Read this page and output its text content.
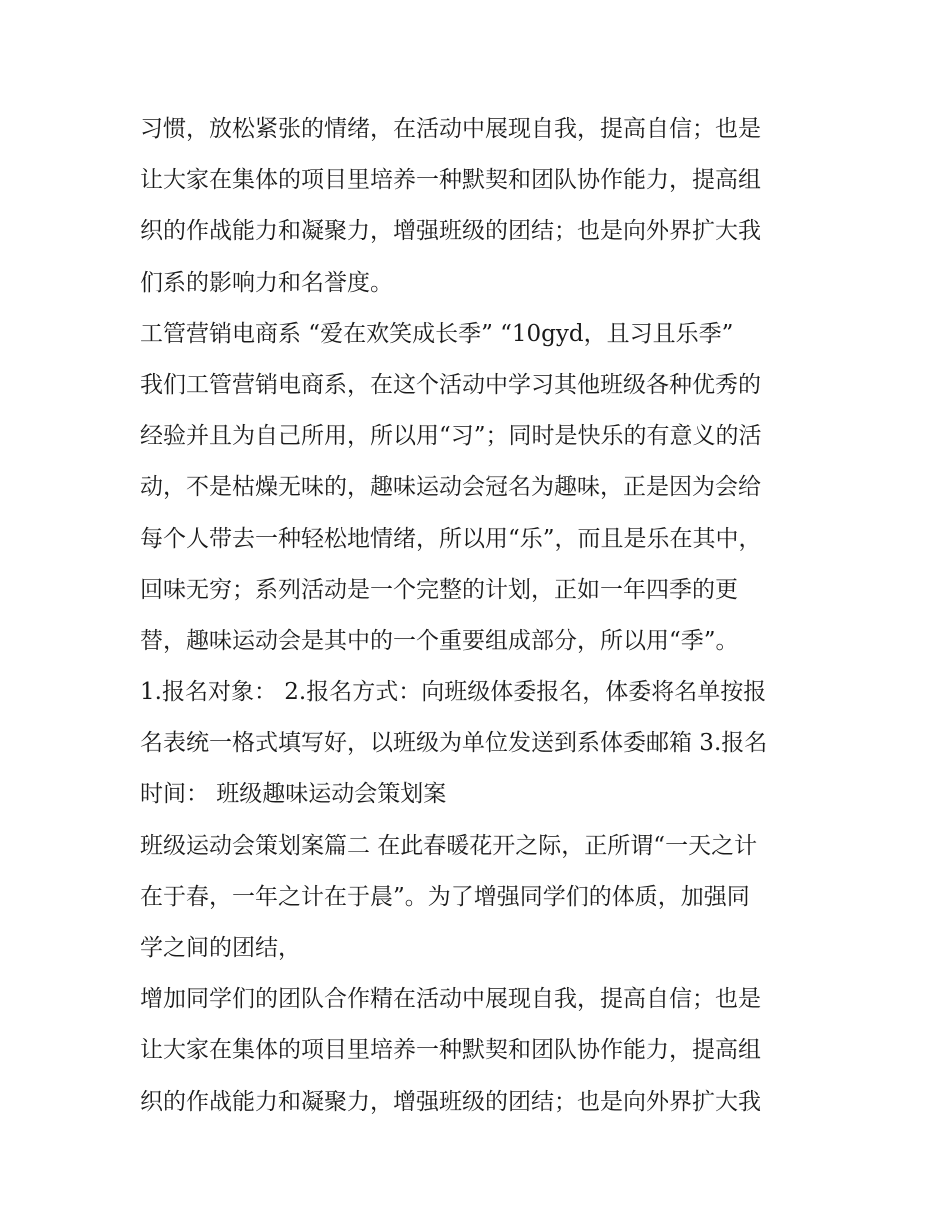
习惯，放松紧张的情绪，在活动中展现自我，提高自信；也是
让大家在集体的项目里培养一种默契和团队协作能力，提高组
织的作战能力和凝聚力，增强班级的团结；也是向外界扩大我
们系的影响力和名誉度。

工管营销电商系 “爱在欢笑成长季” “10gyd，且习且乐季”

我们工管营销电商系，在这个活动中学习其他班级各种优秀的
经验并且为自己所用，所以用“习”；同时是快乐的有意义的活
动，不是枯燥无味的，趣味运动会冠名为趣味，正是因为会给
每个人带去一种轻松地情绪，所以用“乐”，而且是乐在其中，
回味无穷；系列活动是一个完整的计划，正如一年四季的更
替，趣味运动会是其中的一个重要组成部分，所以用“季”。

1.报名对象： 2.报名方式：向班级体委报名，体委将名单按报
名表统一格式填写好，以班级为单位发送到系体委邮箱 3.报名
时间： 班级趣味运动会策划案

班级运动会策划案篇二 在此春暖花开之际，正所谓“一天之计
在于春，一年之计在于晨”。为了增强同学们的体质，加强同
学之间的团结，

增加同学们的团队合作精在活动中展现自我，提高自信；也是
让大家在集体的项目里培养一种默契和团队协作能力，提高组
织的作战能力和凝聚力，增强班级的团结；也是向外界扩大我
